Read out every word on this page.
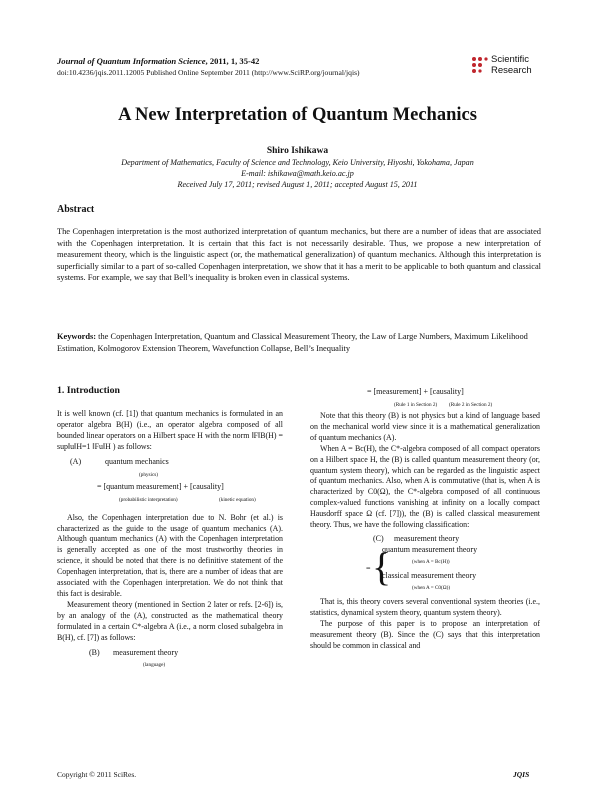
Journal of Quantum Information Science, 2011, 1, 35-42
doi:10.4236/jqis.2011.12005 Published Online September 2011 (http://www.SciRP.org/journal/jqis)
Scientific
Research
A New Interpretation of Quantum Mechanics
Shiro Ishikawa
Department of Mathematics, Faculty of Science and Technology, Keio University, Hiyoshi, Yokohama, Japan
E-mail: ishikawa@math.keio.ac.jp
Received July 17, 2011; revised August 1, 2011; accepted August 15, 2011
Abstract
The Copenhagen interpretation is the most authorized interpretation of quantum mechanics, but there are a number of ideas that are associated with the Copenhagen interpretation. It is certain that this fact is not necessarily desirable. Thus, we propose a new interpretation of measurement theory, which is the linguistic aspect (or, the mathematical generalization) of quantum mechanics. Although this interpretation is superficially similar to a part of so-called Copenhagen interpretation, we show that it has a merit to be applicable to both quantum and classical systems. For example, we say that Bell’s inequality is broken even in classical systems.
Keywords: the Copenhagen Interpretation, Quantum and Classical Measurement Theory, the Law of Large Numbers, Maximum Likelihood Estimation, Kolmogorov Extension Theorem, Wavefunction Collapse, Bell’s Inequality
1. Introduction

It is well known (cf. [1]) that quantum mechanics is formulated in an operator algebra B(H) (i.e., an operator algebra composed of all bounded linear operators on a Hilbert space H with the norm ‖F‖B(H) = sup‖u‖H=1 ‖Fu‖H ) as follows:

(A)	quantum mechanics
(physics)
= [quantum measurement] + [causality]
(probabilistic interpretation)	(kinetic equation)

Also, the Copenhagen interpretation due to N. Bohr (et al.) is characterized as the guide to the usage of quantum mechanics (A). Although quantum mechanics (A) with the Copenhagen interpretation is generally accepted as one of the most trustworthy theories in science, it should be noted that there is no definitive statement of the Copenhagen interpretation, that is, there are a number of ideas that are associated with the Copenhagen interpretation. We do not think that this fact is desirable.

Measurement theory (mentioned in Section 2 later or refs. [2-6]) is, by an analogy of the (A), constructed as the mathematical theory formulated in a certain C*-algebra A (i.e., a norm closed subalgebra in B(H), cf. [7]) as follows:

(B) measurement theory
(language)
= [measurement] + [causality]
(Rule 1 in Section 2) (Rule 2 in Section 2)

Note that this theory (B) is not physics but a kind of language based on the mechanical world view since it is a mathematical generalization of quantum mechanics (A).

When A = Bc(H), the C*-algebra composed of all compact operators on a Hilbert space H, the (B) is called quantum measurement theory (or, quantum system theory), which can be regarded as the linguistic aspect of quantum mechanics. Also, when A is commutative (that is, when A is characterized by C0(Ω), the C*-algebra composed of all continuous complex-valued functions vanishing at infinity on a locally compact Hausdorff space Ω (cf. [7])), the (B) is called classical measurement theory. Thus, we have the following classification:

(C) measurement theory
= {
quantum measurement theory
(when A = Bc(H))
classical measurement theory
(when A = C0(Ω))

That is, this theory covers several conventional system theories (i.e., statistics, dynamical system theory, quantum system theory).

The purpose of this paper is to propose an interpretation of measurement theory (B). Since the (C) says that this interpretation should be common in classical and

Copyright © 2011 SciRes.	JQIS
